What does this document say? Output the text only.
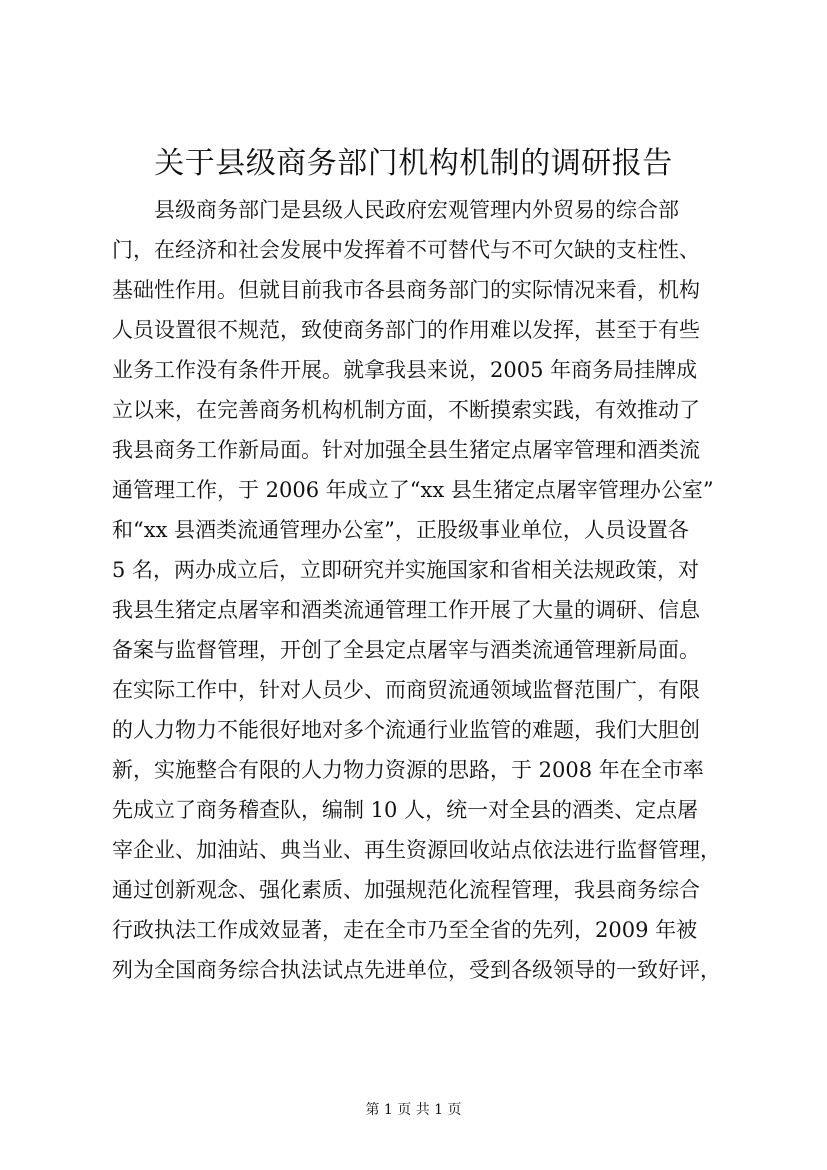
关于县级商务部门机构机制的调研报告
县级商务部门是县级人民政府宏观管理内外贸易的综合部
门，在经济和社会发展中发挥着不可替代与不可欠缺的支柱性、
基础性作用。但就目前我市各县商务部门的实际情况来看，机构
人员设置很不规范，致使商务部门的作用难以发挥，甚至于有些
业务工作没有条件开展。就拿我县来说，2005 年商务局挂牌成
立以来，在完善商务机构机制方面，不断摸索实践，有效推动了
我县商务工作新局面。针对加强全县生猪定点屠宰管理和酒类流
通管理工作，于 2006 年成立了“xx 县生猪定点屠宰管理办公室”
和“xx 县酒类流通管理办公室”，正股级事业单位，人员设置各
5 名，两办成立后，立即研究并实施国家和省相关法规政策，对
我县生猪定点屠宰和酒类流通管理工作开展了大量的调研、信息
备案与监督管理，开创了全县定点屠宰与酒类流通管理新局面。
在实际工作中，针对人员少、而商贸流通领域监督范围广，有限
的人力物力不能很好地对多个流通行业监管的难题，我们大胆创
新，实施整合有限的人力物力资源的思路，于 2008 年在全市率
先成立了商务稽查队，编制 10 人，统一对全县的酒类、定点屠
宰企业、加油站、典当业、再生资源回收站点依法进行监督管理，
通过创新观念、强化素质、加强规范化流程管理，我县商务综合
行政执法工作成效显著，走在全市乃至全省的先列，2009 年被
列为全国商务综合执法试点先进单位，受到各级领导的一致好评，
第 1 页 共 1 页
